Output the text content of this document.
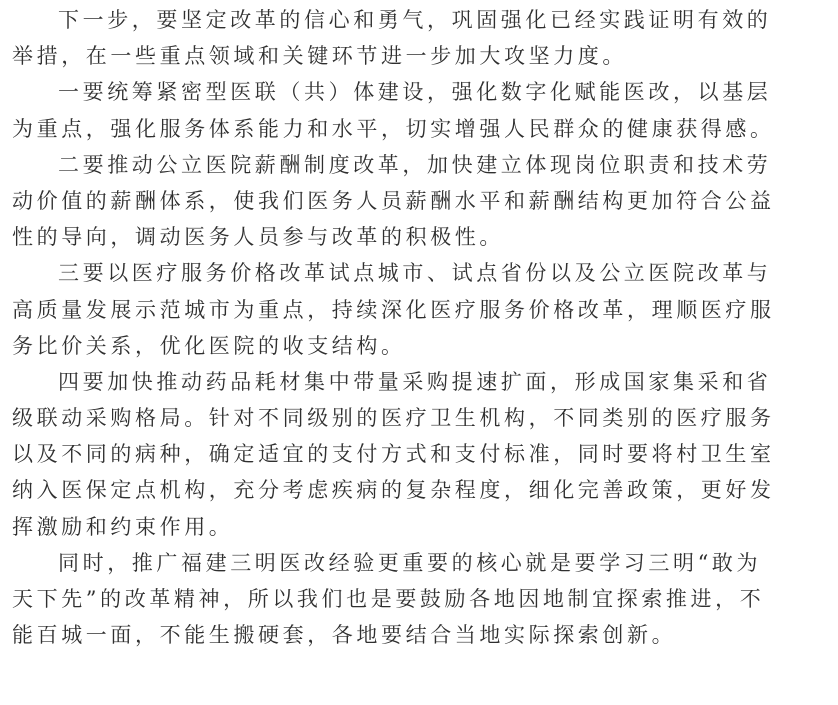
下一步，要坚定改革的信心和勇气，巩固强化已经实践证明有效的
举措，在一些重点领域和关键环节进一步加大攻坚力度。
一要统筹紧密型医联（共）体建设，强化数字化赋能医改，以基层
为重点，强化服务体系能力和水平，切实增强人民群众的健康获得感。
二要推动公立医院薪酬制度改革，加快建立体现岗位职责和技术劳
动价值的薪酬体系，使我们医务人员薪酬水平和薪酬结构更加符合公益
性的导向，调动医务人员参与改革的积极性。
三要以医疗服务价格改革试点城市、试点省份以及公立医院改革与
高质量发展示范城市为重点，持续深化医疗服务价格改革，理顺医疗服
务比价关系，优化医院的收支结构。
四要加快推动药品耗材集中带量采购提速扩面，形成国家集采和省
级联动采购格局。针对不同级别的医疗卫生机构，不同类别的医疗服务
以及不同的病种，确定适宜的支付方式和支付标准，同时要将村卫生室
纳入医保定点机构，充分考虑疾病的复杂程度，细化完善政策，更好发
挥激励和约束作用。
同时，推广福建三明医改经验更重要的核心就是要学习三明“敢为
天下先”的改革精神，所以我们也是要鼓励各地因地制宜探索推进，不
能百城一面，不能生搬硬套，各地要结合当地实际探索创新。
